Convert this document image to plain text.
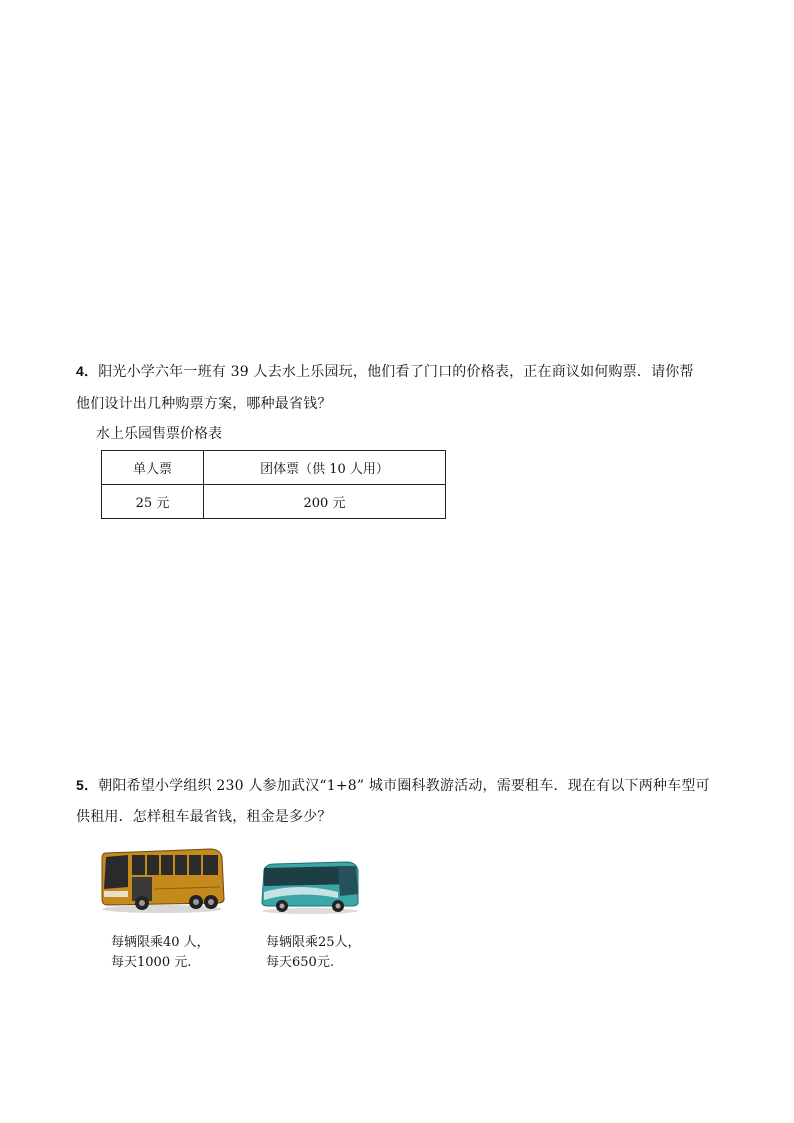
4．阳光小学六年一班有 39 人去水上乐园玩，他们看了门口的价格表，正在商议如何购票．请你帮
他们设计出几种购票方案，哪种最省钱？
水上乐园售票价格表
单人票	团体票（供 10 人用）
25 元	200 元
5．朝阳希望小学组织 230 人参加武汉“1+8” 城市圈科教游活动，需要租车．现在有以下两种车型可
供租用．怎样租车最省钱，租金是多少？
每辆限乘40 人，
每天1000 元.
每辆限乘25人，
每天650元.
